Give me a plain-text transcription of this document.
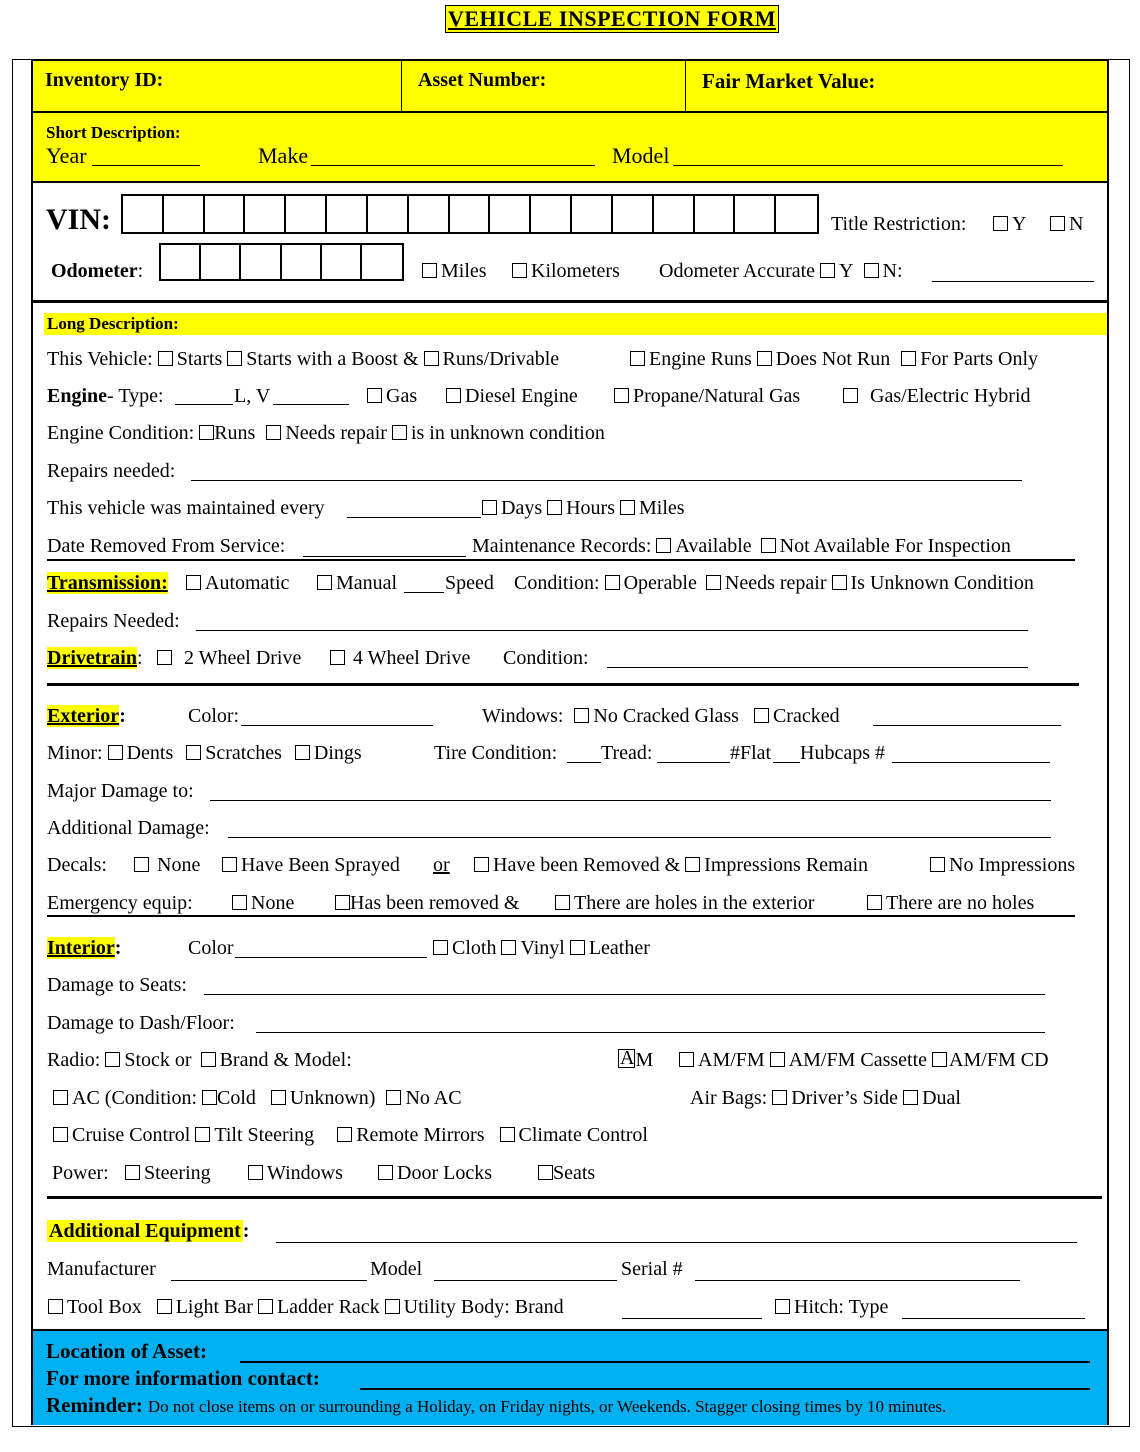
VEHICLE INSPECTION FORM
Inventory ID:	Asset Number:	Fair Market Value:
Short Description:
Year	Make	Model
VIN:	Title Restriction:	Y	N
Odometer:	Miles	Kilometers Odometer Accurate Y N:
Long Description:
This Vehicle: Starts Starts with a Boost & Runs/Drivable	Engine Runs Does Not Run For Parts Only
Engine- Type:	L, V	Gas	Diesel Engine	Propane/Natural Gas	Gas/Electric Hybrid
Engine Condition: Runs Needs repair is in unknown condition
Repairs needed:
This vehicle was maintained every	Days Hours Miles
Date Removed From Service:	Maintenance Records: Available Not Available For Inspection
Transmission:	Automatic	Manual Speed Condition: Operable Needs repair Is Unknown Condition
Repairs Needed:
Drivetrain:	2 Wheel Drive	4 Wheel Drive Condition:
Exterior:	Color:	Windows: No Cracked Glass Cracked
Minor: Dents Scratches Dings	Tire Condition: Tread:	#Flat Hubcaps #
Major Damage to:
Additional Damage:
Decals:	None	Have Been Sprayed or	Have been Removed & Impressions Remain	No Impressions
Emergency equip:	None	Has been removed &	There are holes in the exterior	There are no holes
Interior:	Color	Cloth Vinyl Leather
Damage to Seats:
Damage to Dash/Floor:
Radio: Stock or Brand & Model:	AM	AM/FM AM/FM Cassette AM/FM CD
AC (Condition: Cold Unknown) No AC	Air Bags: Driver’s Side Dual
Cruise Control Tilt Steering Remote Mirrors Climate Control
Power:	Steering	Windows	Door Locks	Seats
Additional Equipment :
Manufacturer	Model	Serial #
Tool Box Light Bar Ladder Rack Utility Body: Brand	Hitch: Type
Location of Asset:
For more information contact:
Reminder: Do not close items on or surrounding a Holiday, on Friday nights, or Weekends. Stagger closing times by 10 minutes.
